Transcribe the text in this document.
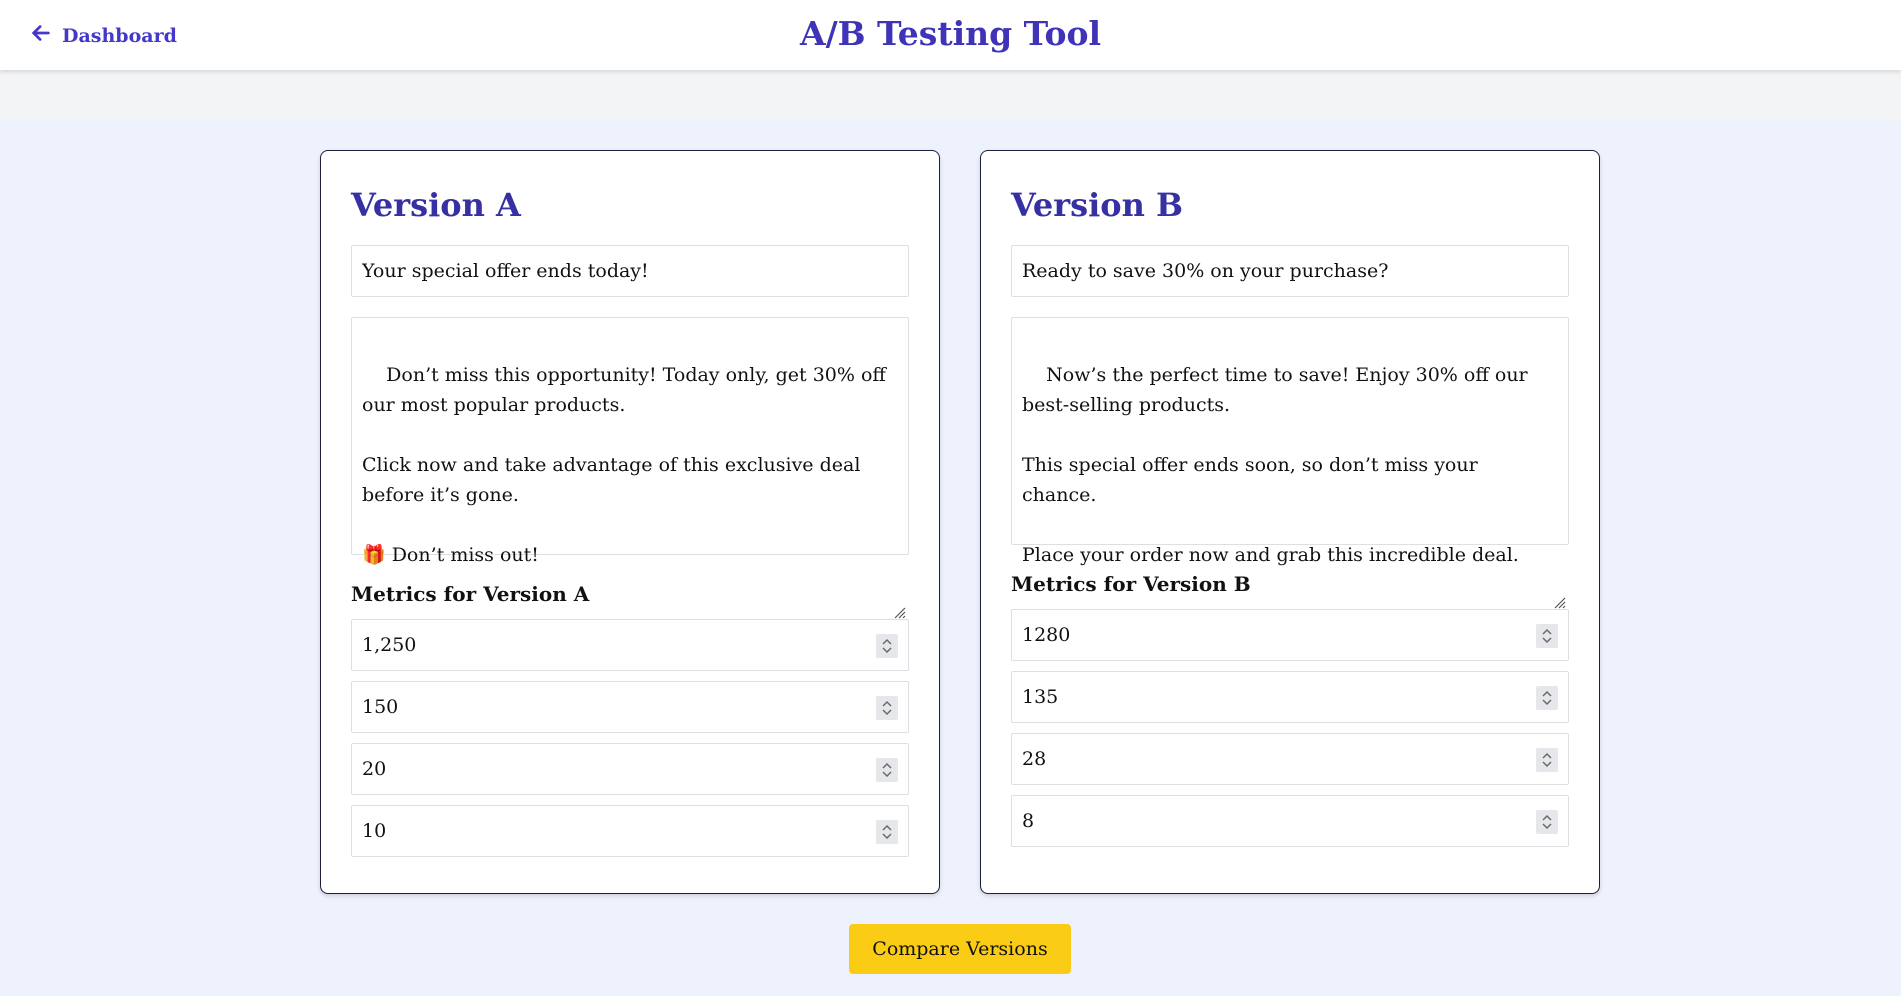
Dashboard	A/B Testing Tool
Version A
Your special offer ends today!

Don’t miss this opportunity! Today only, get 30% off our most popular products.

Click now and take advantage of this exclusive deal before it’s gone.

🎁 Don’t miss out!

Metrics for Version A
1,250
150
20
10
Version B
Ready to save 30% on your purchase?

Now’s the perfect time to save! Enjoy 30% off our best-selling products.

This special offer ends soon, so don’t miss your chance.

Place your order now and grab this incredible deal.

Metrics for Version B
1280
135
28
8
Compare Versions
